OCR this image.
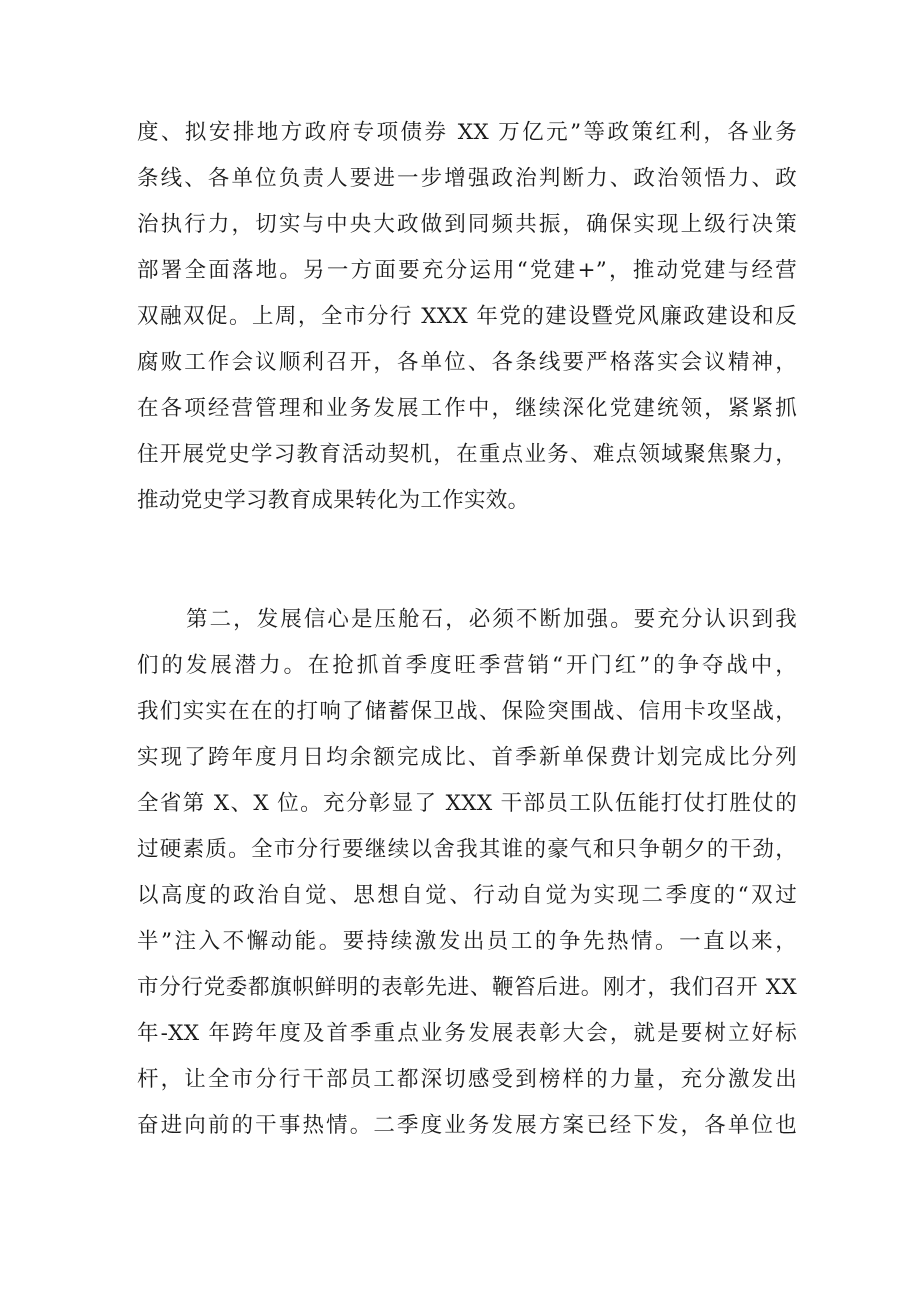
度、拟安排地方政府专项债券 XX 万亿元”等政策红利，各业务
条线、各单位负责人要进一步增强政治判断力、政治领悟力、政
治执行力，切实与中央大政做到同频共振，确保实现上级行决策
部署全面落地。另一方面要充分运用“党建+”，推动党建与经营
双融双促。上周，全市分行 XXX 年党的建设暨党风廉政建设和反
腐败工作会议顺利召开，各单位、各条线要严格落实会议精神，
在各项经营管理和业务发展工作中，继续深化党建统领，紧紧抓
住开展党史学习教育活动契机，在重点业务、难点领域聚焦聚力，
推动党史学习教育成果转化为工作实效。
第二，发展信心是压舱石，必须不断加强。要充分认识到我
们的发展潜力。在抢抓首季度旺季营销“开门红”的争夺战中，
我们实实在在的打响了储蓄保卫战、保险突围战、信用卡攻坚战，
实现了跨年度月日均余额完成比、首季新单保费计划完成比分列
全省第 X、X 位。充分彰显了 XXX 干部员工队伍能打仗打胜仗的
过硬素质。全市分行要继续以舍我其谁的豪气和只争朝夕的干劲，
以高度的政治自觉、思想自觉、行动自觉为实现二季度的“双过
半”注入不懈动能。要持续激发出员工的争先热情。一直以来，
市分行党委都旗帜鲜明的表彰先进、鞭笞后进。刚才，我们召开 XX
年-XX 年跨年度及首季重点业务发展表彰大会，就是要树立好标
杆，让全市分行干部员工都深切感受到榜样的力量，充分激发出
奋进向前的干事热情。二季度业务发展方案已经下发，各单位也
